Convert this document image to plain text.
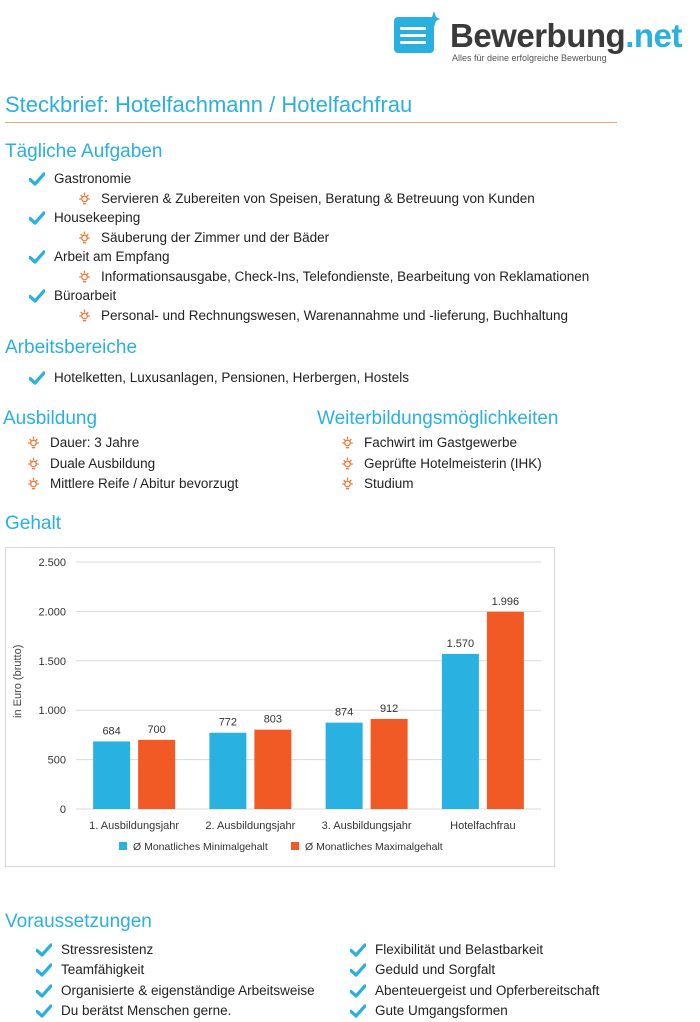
Bewerbung.net
Alles für deine erfolgreiche Bewerbung
Steckbrief: Hotelfachmann / Hotelfachfrau
Tägliche Aufgaben
Gastronomie
Servieren & Zubereiten von Speisen, Beratung & Betreuung von Kunden
Housekeeping
Säuberung der Zimmer und der Bäder
Arbeit am Empfang
Informationsausgabe, Check-Ins, Telefondienste, Bearbeitung von Reklamationen
Büroarbeit
Personal- und Rechnungswesen, Warenannahme und -lieferung, Buchhaltung
Arbeitsbereiche
Hotelketten, Luxusanlagen, Pensionen, Herbergen, Hostels
Ausbildung
Dauer: 3 Jahre
Duale Ausbildung
Mittlere Reife / Abitur bevorzugt
Weiterbildungsmöglichkeiten
Fachwirt im Gastgewerbe
Geprüfte Hotelmeisterin (IHK)
Studium
Gehalt
0
500
1.000
1.500
2.000
2.500
684 700
1. Ausbildungsjahr
772 803
2. Ausbildungsjahr
874 912
3. Ausbildungsjahr
1.570
1.996
Hotelfachfrau
Ø Monatliches Minimalgehalt	Ø Monatliches Maximalgehalt
in Euro (brutto)
Voraussetzungen
Stressresistenz
Teamfähigkeit
Organisierte & eigenständige Arbeitsweise
Du berätst Menschen gerne.
Flexibilität und Belastbarkeit
Geduld und Sorgfalt
Abenteuergeist und Opferbereitschaft
Gute Umgangsformen
